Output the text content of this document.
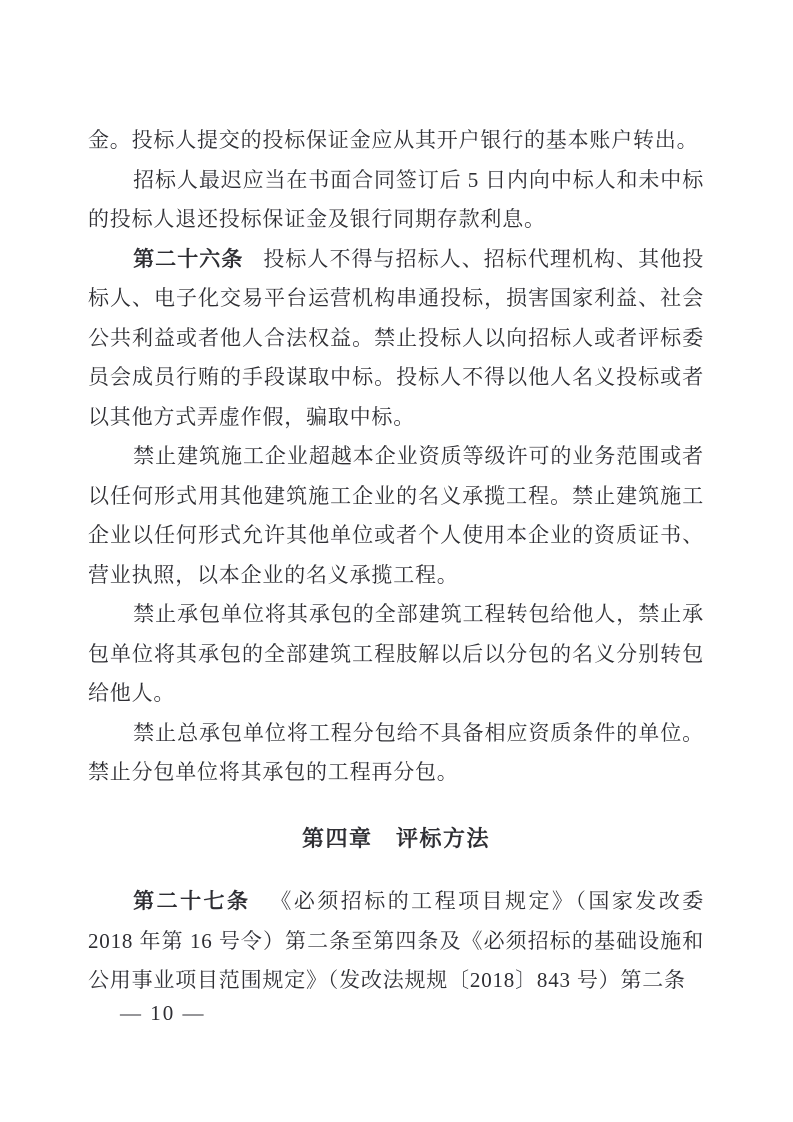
金。投标人提交的投标保证金应从其开户银行的基本账户转出。

招标人最迟应当在书面合同签订后 5 日内向中标人和未中标的投标人退还投标保证金及银行同期存款利息。

第二十六条 投标人不得与招标人、招标代理机构、其他投标人、电子化交易平台运营机构串通投标，损害国家利益、社会公共利益或者他人合法权益。禁止投标人以向招标人或者评标委员会成员行贿的手段谋取中标。投标人不得以他人名义投标或者以其他方式弄虚作假，骗取中标。

禁止建筑施工企业超越本企业资质等级许可的业务范围或者以任何形式用其他建筑施工企业的名义承揽工程。禁止建筑施工企业以任何形式允许其他单位或者个人使用本企业的资质证书、营业执照，以本企业的名义承揽工程。

禁止承包单位将其承包的全部建筑工程转包给他人，禁止承包单位将其承包的全部建筑工程肢解以后以分包的名义分别转包给他人。

禁止总承包单位将工程分包给不具备相应资质条件的单位。禁止分包单位将其承包的工程再分包。

第四章　评标方法

第二十七条 《必须招标的工程项目规定》（国家发改委 2018 年第 16 号令）第二条至第四条及《必须招标的基础设施和公用事业项目范围规定》（发改法规规〔2018〕843 号）第二条

— 10 —
